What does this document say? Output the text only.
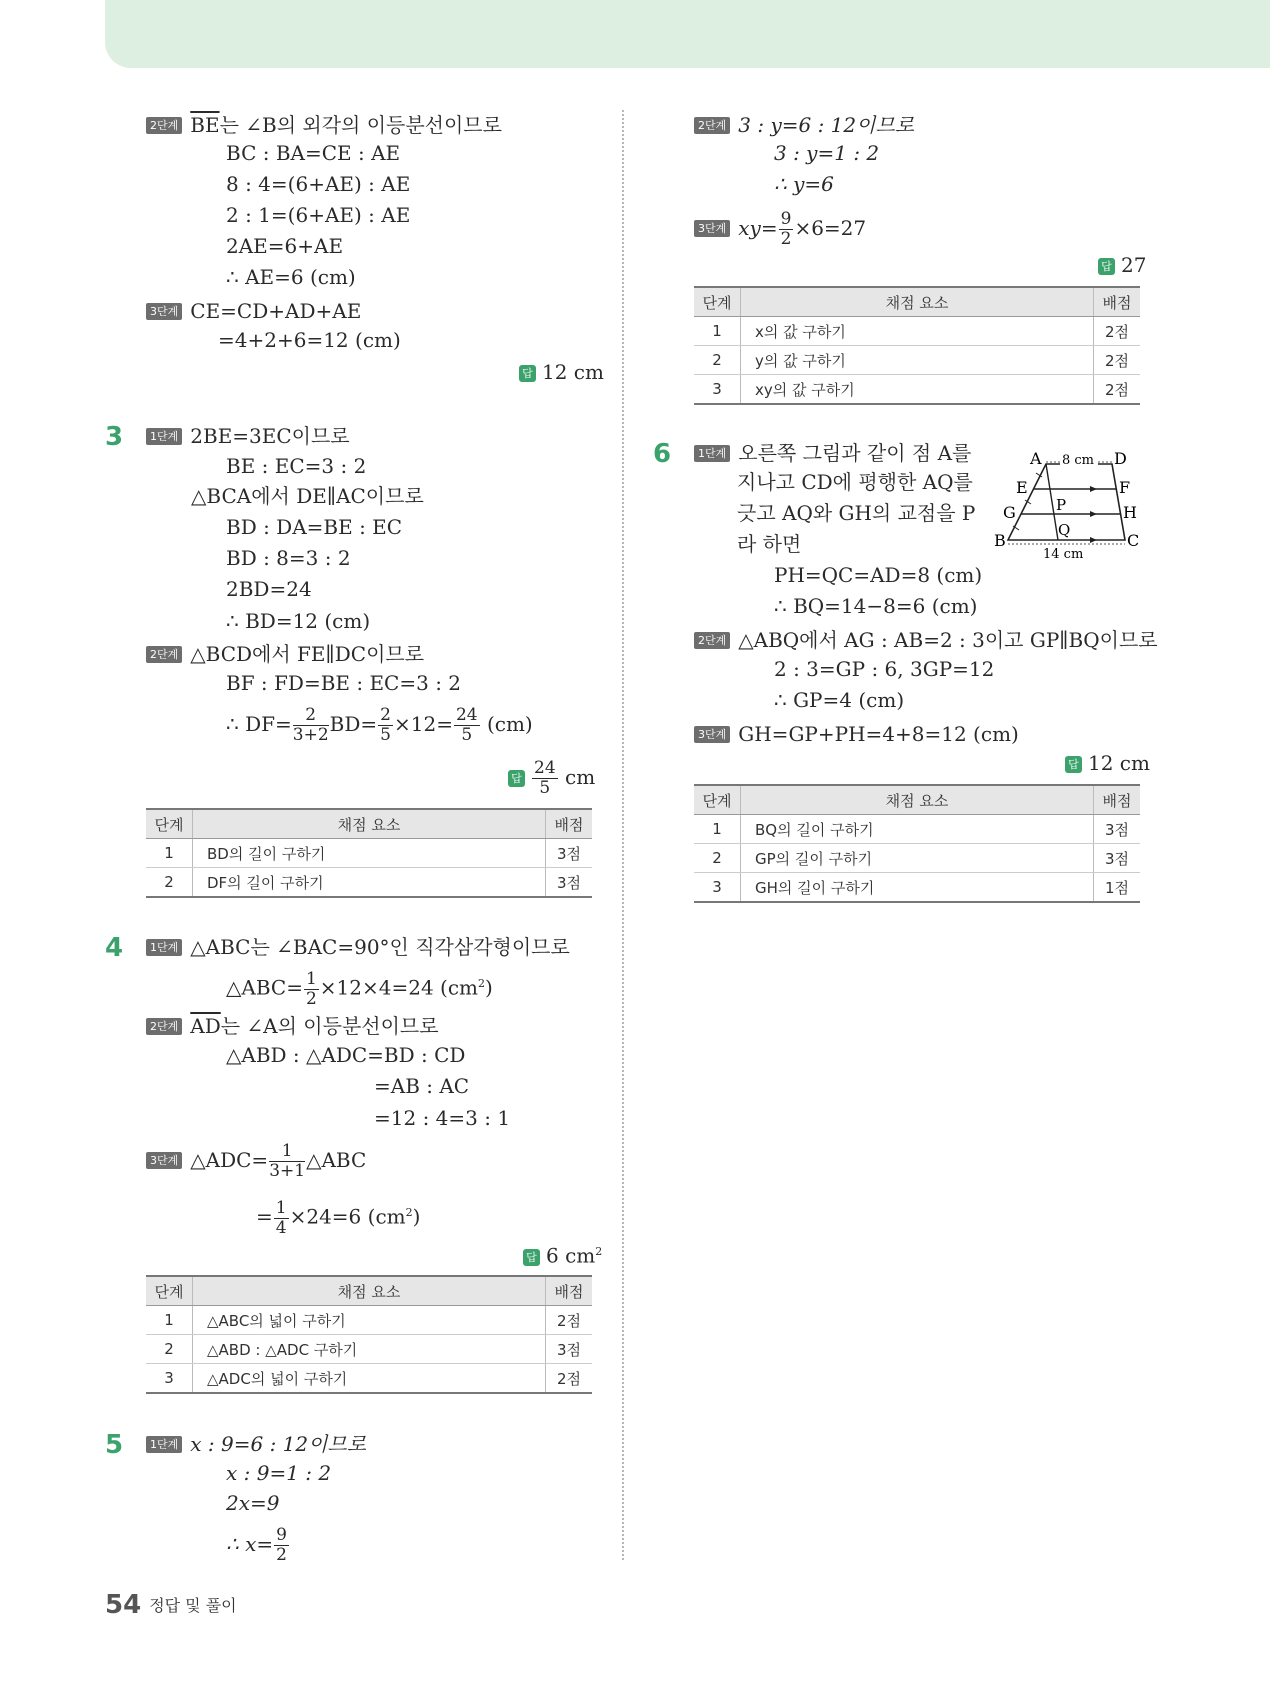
2단계 $\overline{BE}$는 ∠B의 외각의 이등분선이므로
BC : BA=CE : AE
8 : 4=(6+AE) : AE
2 : 1=(6+AE) : AE
2AE=6+AE
∴ AE=6 (cm)
3단계 CE=CD+AD+AE
=4+2+6=12 (cm)
답 12 cm
3	1단계 2BE=3EC이므로
BE : EC=3 : 2
△BCA에서 DE∥AC이므로
BD : DA=BE : EC
BD : 8=3 : 2
2BD=24
∴ BD=12 (cm)
2단계 △BCD에서 FE∥DC이므로
BF : FD=BE : EC=3 : 2
∴ $DF= \frac{2}{3+2} BD= \frac{2}{5} \times 12= \frac{24}{5} (cm)$
답 $\frac{24}{5}$ cm
단계	채점 요소	배점
1	BD의 길이 구하기	3점
2	DF의 길이 구하기	3점
4	1단계 △ABC는 ∠BAC=90°인 직각삼각형이므로
△ABC= $\frac{1}{2} \times 12\times 4=24$ $(cm^2)$
2단계 $\overline{AD}$는 ∠A의 이등분선이므로
△ABD : △ADC=BD : CD
=AB : AC
=12 : 4=3 : 1
3단계 △ADC= $\frac{1}{3+1}$ △ABC
= $\frac{1}{4} \times 24=6$ $(cm^2)$
답 6 $cm^2$
단계	채점 요소	배점
1	△ABC의 넓이 구하기	2점
2	△ABD : △ADC 구하기	3점
3	△ADC의 넓이 구하기	2점
5	1단계 x : 9=6 : 12이므로
x : 9=1 : 2
2x=9
∴ $x= \frac{9}{2}$
2단계 3 : y=6 : 12이므로
3 : y=1 : 2
∴ y=6
3단계 $xy= \frac{9}{2} \times 6=27$
답 27
단계	채점 요소	배점
1	x의 값 구하기	2점
2	y의 값 구하기	2점
3	xy의 값 구하기	2점
6	1단계 오른쪽 그림과 같이 점 A를
지나고 CD에 평행한 AQ를
긋고 AQ와 GH의 교점을 P
라 하면
PH=QC=AD=8 (cm)
∴ BQ=14−8=6 (cm)
A	D
E	F
G	H
P
Q
B	C
8 cm
14 cm
2단계 △ABQ에서 AG : AB=2 : 3이고 GP∥BQ이므로
2 : 3=GP : 6, 3GP=12
∴ GP=4 (cm)
3단계 GH=GP+PH=4+8=12 (cm)
답 12 cm
단계	채점 요소	배점
1	BQ의 길이 구하기	3점
2	GP의 길이 구하기	3점
3	GH의 길이 구하기	1점
54 정답 및 풀이
